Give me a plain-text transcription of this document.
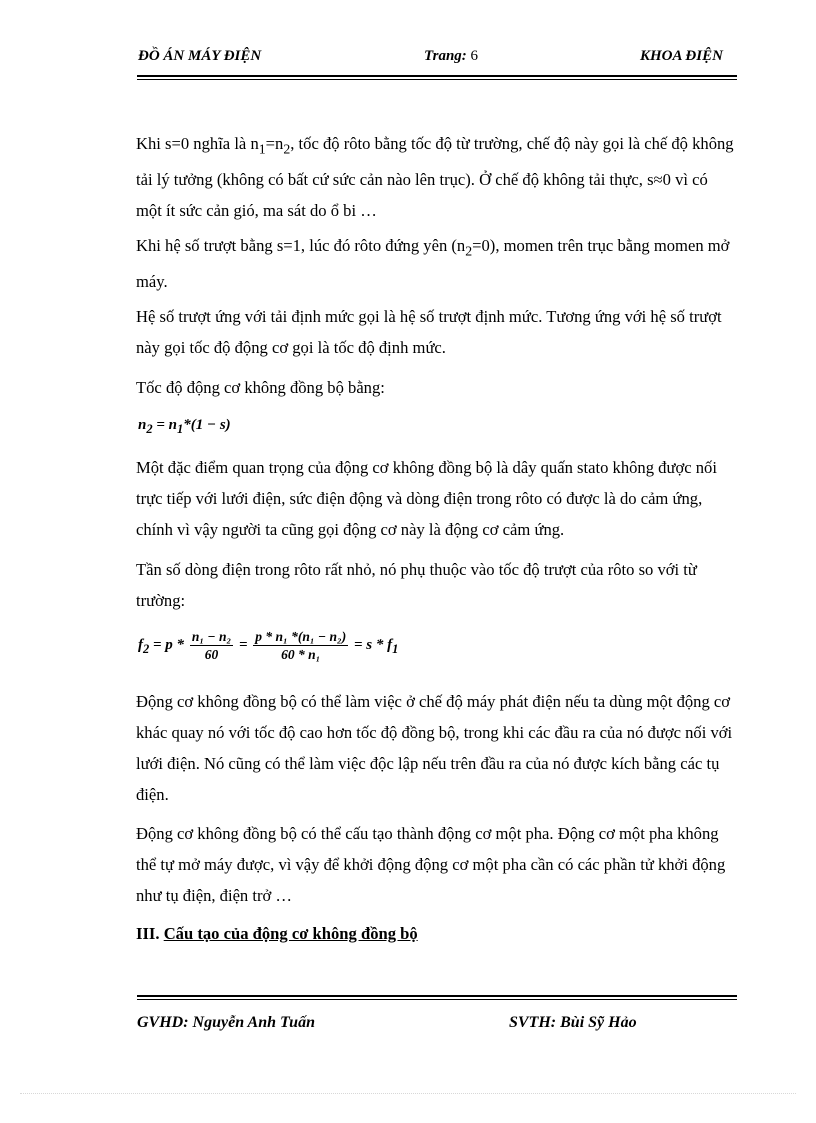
ĐỒ ÁN MÁY ĐIỆN	Trang: 6	KHOA ĐIỆN

Khi s=0 nghĩa là $n_1=n_2$, tốc độ rôto bằng tốc độ từ trường, chế độ này gọi là chế độ không tải lý tưởng (không có bất cứ sức cản nào lên trục). Ở chế độ không tải thực, s≈0 vì có một ít sức cản gió, ma sát do ổ bi …

Khi hệ số trượt bằng s=1, lúc đó rôto đứng yên $(n_2=0)$, momen trên trục bằng momen mở máy.

Hệ số trượt ứng với tải định mức gọi là hệ số trượt định mức. Tương ứng với hệ số trượt này gọi tốc độ động cơ gọi là tốc độ định mức.

Tốc độ động cơ không đồng bộ bằng:

$n_2 = n_1*(1 - s)$

Một đặc điểm quan trọng của động cơ không đồng bộ là dây quấn stato không được nối trực tiếp với lưới điện, sức điện động và dòng điện trong rôto có được là do cảm ứng, chính vì vậy người ta cũng gọi động cơ này là động cơ cảm ứng.

Tần số dòng điện trong rôto rất nhỏ, nó phụ thuộc vào tốc độ trượt của rôto so với từ trường:

$f_2 = p * \frac{\text{n₁ − n₂}}{60} = \frac{\text{p * n₁ *(n₁ − n₂)}}{\text{60 * n₁}} = s * f_1$

Động cơ không đồng bộ có thể làm việc ở chế độ máy phát điện nếu ta dùng một động cơ khác quay nó với tốc độ cao hơn tốc độ đồng bộ, trong khi các đầu ra của nó được nối với lưới điện. Nó cũng có thể làm việc độc lập nếu trên đầu ra của nó được kích bằng các tụ điện.

Động cơ không đồng bộ có thể cấu tạo thành động cơ một pha. Động cơ một pha không thể tự mở máy được, vì vậy để khởi động động cơ một pha cần có các phần tử khởi động như tụ điện, điện trở …

III. Cấu tạo của động cơ không đồng bộ
GVHD: Nguyễn Anh Tuấn	SVTH: Bùi Sỹ Hảo
